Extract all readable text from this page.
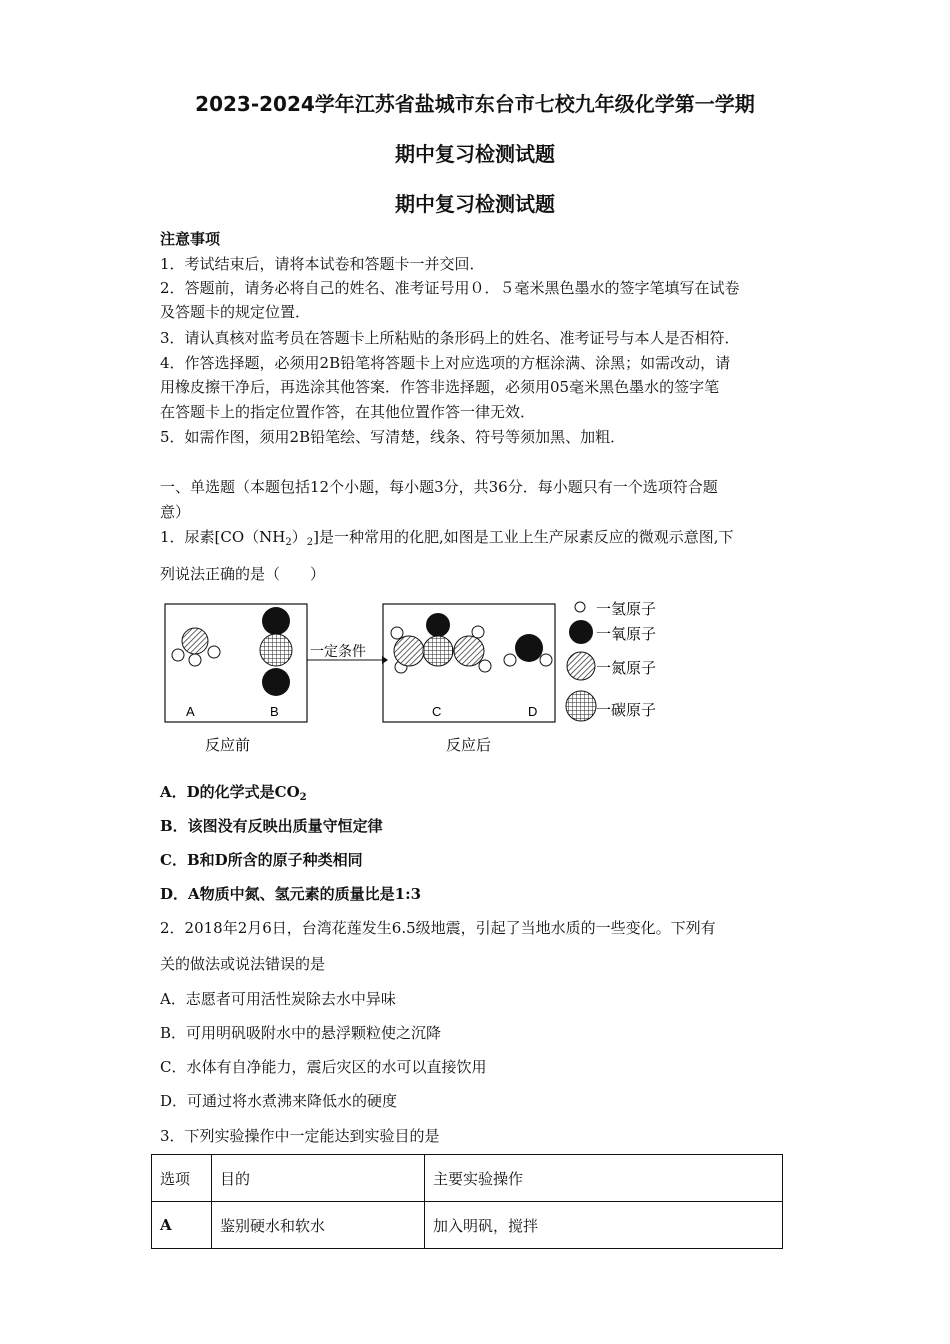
2023-2024学年江苏省盐城市东台市七校九年级化学第一学期
期中复习检测试题
期中复习检测试题
注意事项
1．考试结束后，请将本试卷和答题卡一并交回．
2．答题前，请务必将自己的姓名、准考证号用０．５毫米黑色墨水的签字笔填写在试卷
及答题卡的规定位置．
3．请认真核对监考员在答题卡上所粘贴的条形码上的姓名、准考证号与本人是否相符．
4．作答选择题，必须用2B铅笔将答题卡上对应选项的方框涂满、涂黑；如需改动，请
用橡皮擦干净后，再选涂其他答案．作答非选择题，必须用05毫米黑色墨水的签字笔
在答题卡上的指定位置作答，在其他位置作答一律无效．
5．如需作图，须用2B铅笔绘、写清楚，线条、符号等须加黑、加粗．
一、单选题（本题包括12个小题，每小题3分，共36分．每小题只有一个选项符合题
意）
1．尿素$[CO(NH_2)_2]$是一种常用的化肥,如图是工业上生产尿素反应的微观示意图,下
列说法正确的是（　　）
A	B
一定条件
C	D
反应前	反应后
一氢原子
一氧原子
一氮原子
一碳原子
A．D的化学式是$CO_2$
B．该图没有反映出质量守恒定律
C．B和D所含的原子种类相同
D．A物质中氮、氢元素的质量比是1:3
2．2018年2月6日，台湾花莲发生6.5级地震，引起了当地水质的一些变化。下列有
关的做法或说法错误的是
A．志愿者可用活性炭除去水中异味
B．可用明矾吸附水中的悬浮颗粒使之沉降
C．水体有自净能力，震后灾区的水可以直接饮用
D．可通过将水煮沸来降低水的硬度
3．下列实验操作中一定能达到实验目的是
选项	目的	主要实验操作
A	鉴别硬水和软水	加入明矾，搅拌
